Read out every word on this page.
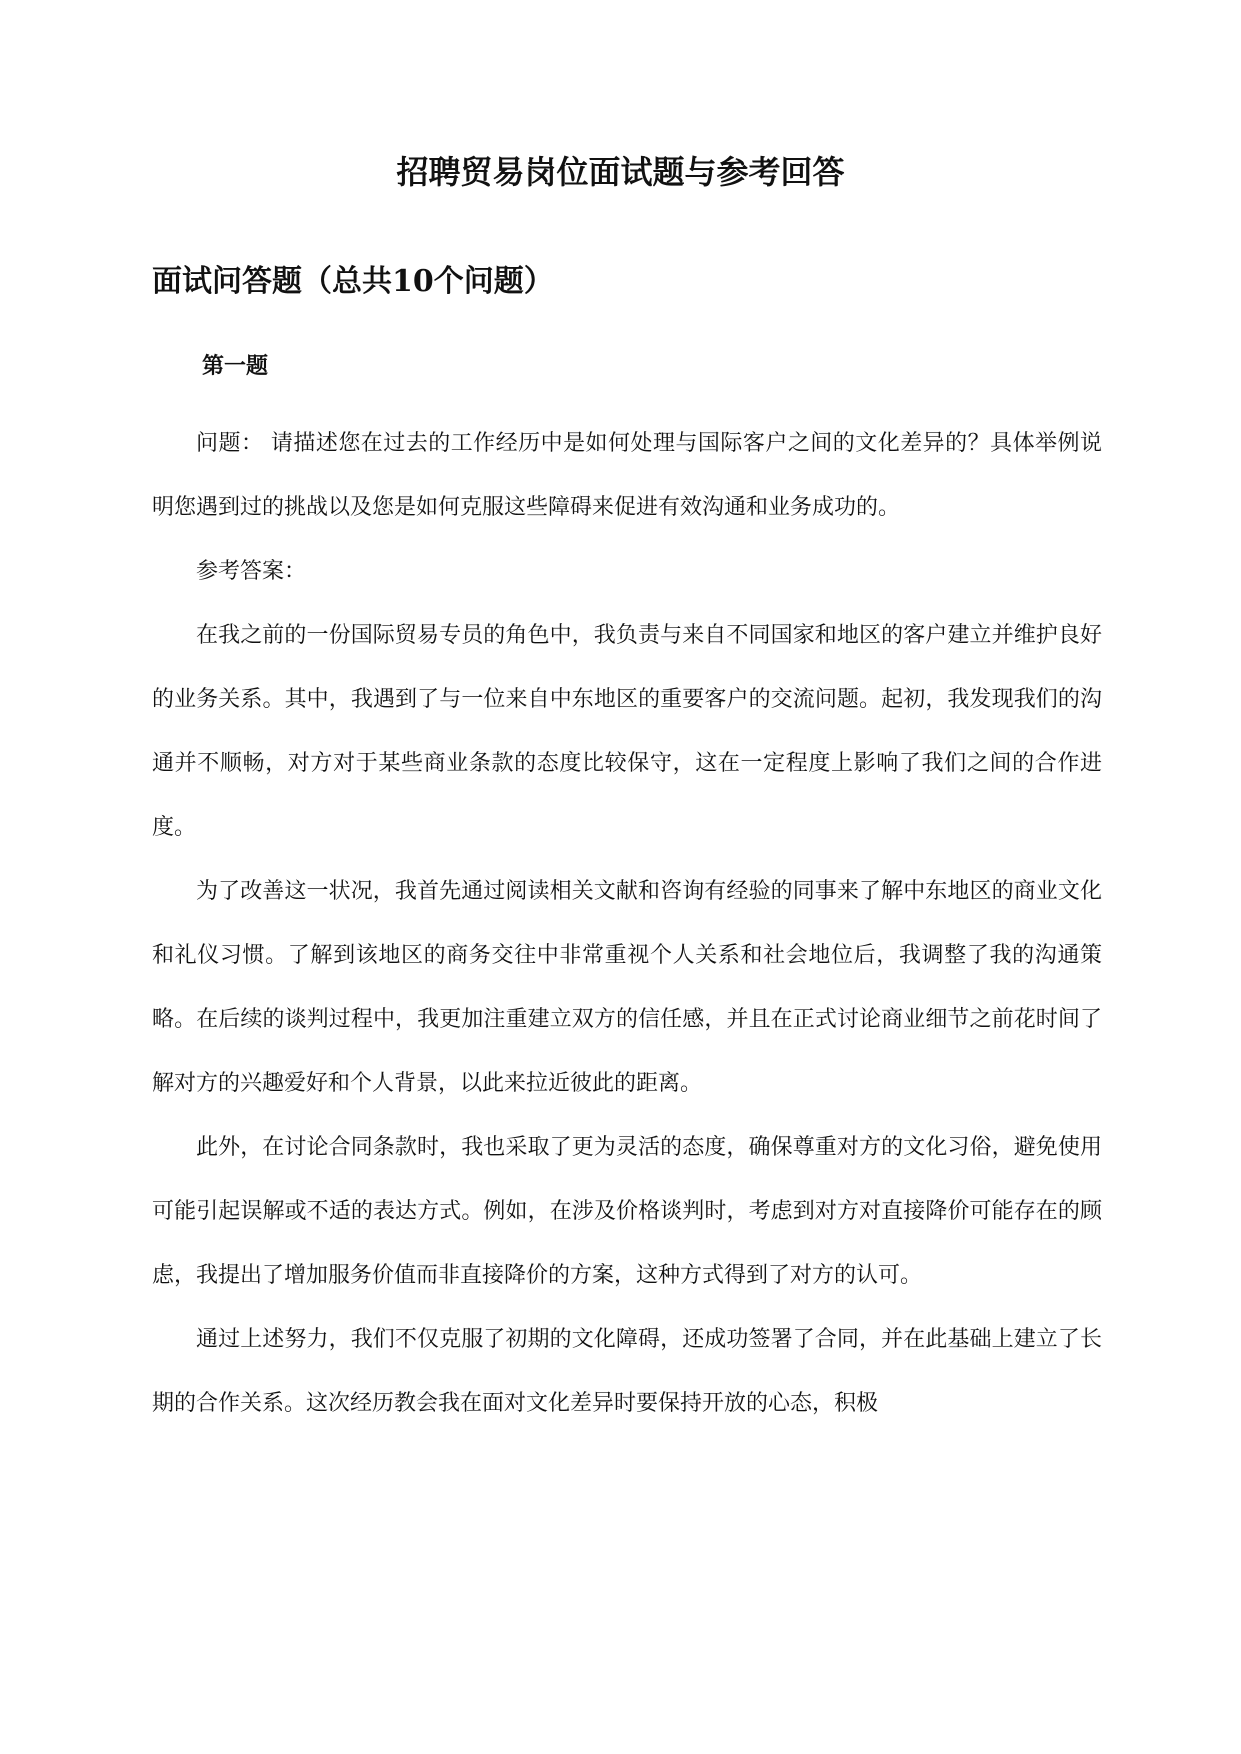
招聘贸易岗位面试题与参考回答
面试问答题（总共10个问题）
第一题

问题： 请描述您在过去的工作经历中是如何处理与国际客户之间的文化差异的？具体举例说明您遇到过的挑战以及您是如何克服这些障碍来促进有效沟通和业务成功的。

参考答案：

在我之前的一份国际贸易专员的角色中，我负责与来自不同国家和地区的客户建立并维护良好的业务关系。其中，我遇到了与一位来自中东地区的重要客户的交流问题。起初，我发现我们的沟通并不顺畅，对方对于某些商业条款的态度比较保守，这在一定程度上影响了我们之间的合作进度。

为了改善这一状况，我首先通过阅读相关文献和咨询有经验的同事来了解中东地区的商业文化和礼仪习惯。了解到该地区的商务交往中非常重视个人关系和社会地位后，我调整了我的沟通策略。在后续的谈判过程中，我更加注重建立双方的信任感，并且在正式讨论商业细节之前花时间了解对方的兴趣爱好和个人背景，以此来拉近彼此的距离。

此外，在讨论合同条款时，我也采取了更为灵活的态度，确保尊重对方的文化习俗，避免使用可能引起误解或不适的表达方式。例如，在涉及价格谈判时，考虑到对方对直接降价可能存在的顾虑，我提出了增加服务价值而非直接降价的方案，这种方式得到了对方的认可。

通过上述努力，我们不仅克服了初期的文化障碍，还成功签署了合同，并在此基础上建立了长期的合作关系。这次经历教会我在面对文化差异时要保持开放的心态，积极
